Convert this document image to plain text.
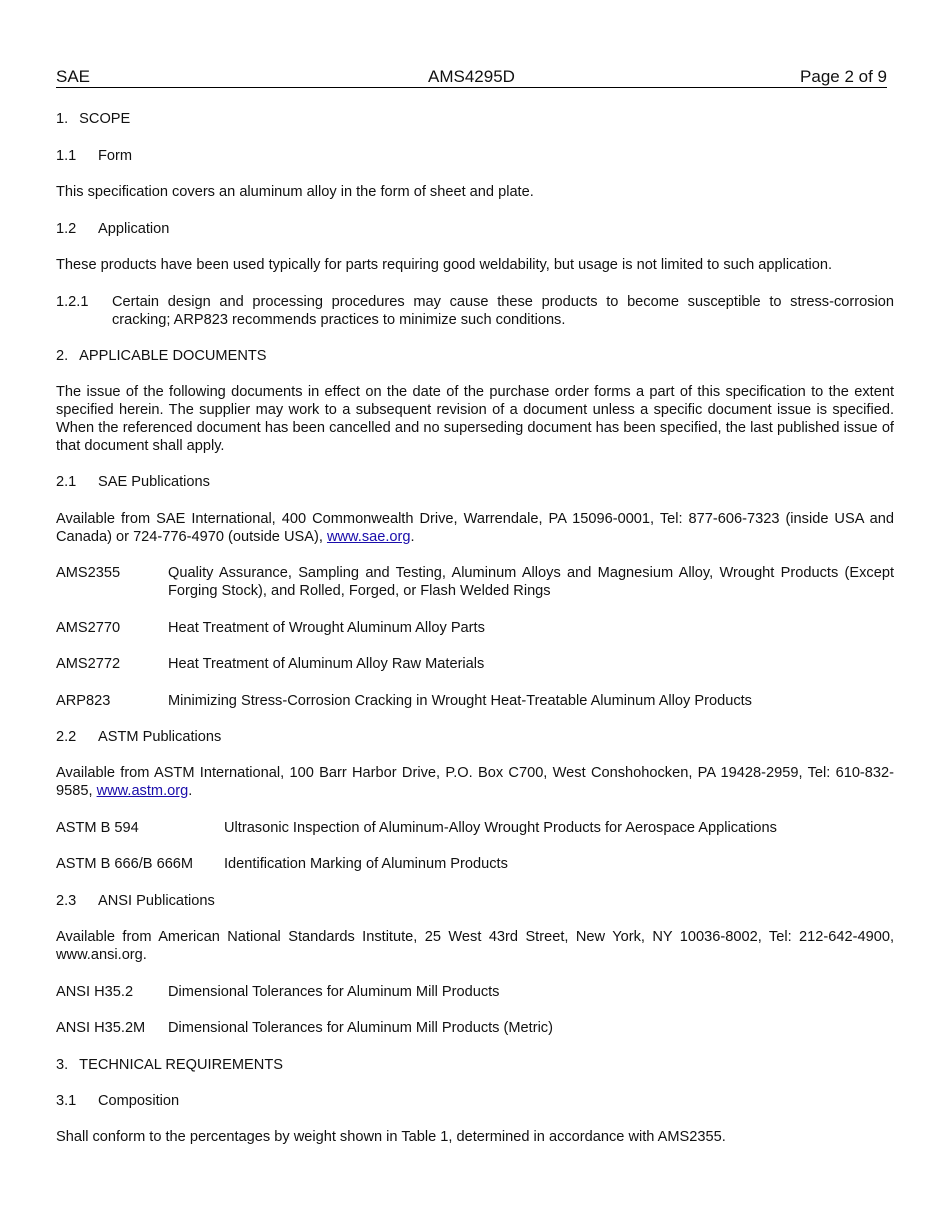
SAE	AMS4295D	Page 2 of 9
1. SCOPE
1.1 Form
This specification covers an aluminum alloy in the form of sheet and plate.
1.2 Application
These products have been used typically for parts requiring good weldability, but usage is not limited to such application.
1.2.1 Certain design and processing procedures may cause these products to become susceptible to stress-corrosion cracking; ARP823 recommends practices to minimize such conditions.
2. APPLICABLE DOCUMENTS
The issue of the following documents in effect on the date of the purchase order forms a part of this specification to the extent specified herein. The supplier may work to a subsequent revision of a document unless a specific document issue is specified. When the referenced document has been cancelled and no superseding document has been specified, the last published issue of that document shall apply.
2.1 SAE Publications
Available from SAE International, 400 Commonwealth Drive, Warrendale, PA 15096-0001, Tel: 877-606-7323 (inside USA and Canada) or 724-776-4970 (outside USA), www.sae.org.
AMS2355	Quality Assurance, Sampling and Testing, Aluminum Alloys and Magnesium Alloy, Wrought Products (Except Forging Stock), and Rolled, Forged, or Flash Welded Rings
AMS2770	Heat Treatment of Wrought Aluminum Alloy Parts
AMS2772	Heat Treatment of Aluminum Alloy Raw Materials
ARP823	Minimizing Stress-Corrosion Cracking in Wrought Heat-Treatable Aluminum Alloy Products
2.2 ASTM Publications
Available from ASTM International, 100 Barr Harbor Drive, P.O. Box C700, West Conshohocken, PA 19428-2959, Tel: 610-832-9585, www.astm.org.
ASTM B 594	Ultrasonic Inspection of Aluminum-Alloy Wrought Products for Aerospace Applications
ASTM B 666/B 666M Identification Marking of Aluminum Products
2.3 ANSI Publications
Available from American National Standards Institute, 25 West 43rd Street, New York, NY 10036-8002, Tel: 212-642-4900, www.ansi.org.
ANSI H35.2 Dimensional Tolerances for Aluminum Mill Products
ANSI H35.2M Dimensional Tolerances for Aluminum Mill Products (Metric)
3. TECHNICAL REQUIREMENTS
3.1 Composition
Shall conform to the percentages by weight shown in Table 1, determined in accordance with AMS2355.
